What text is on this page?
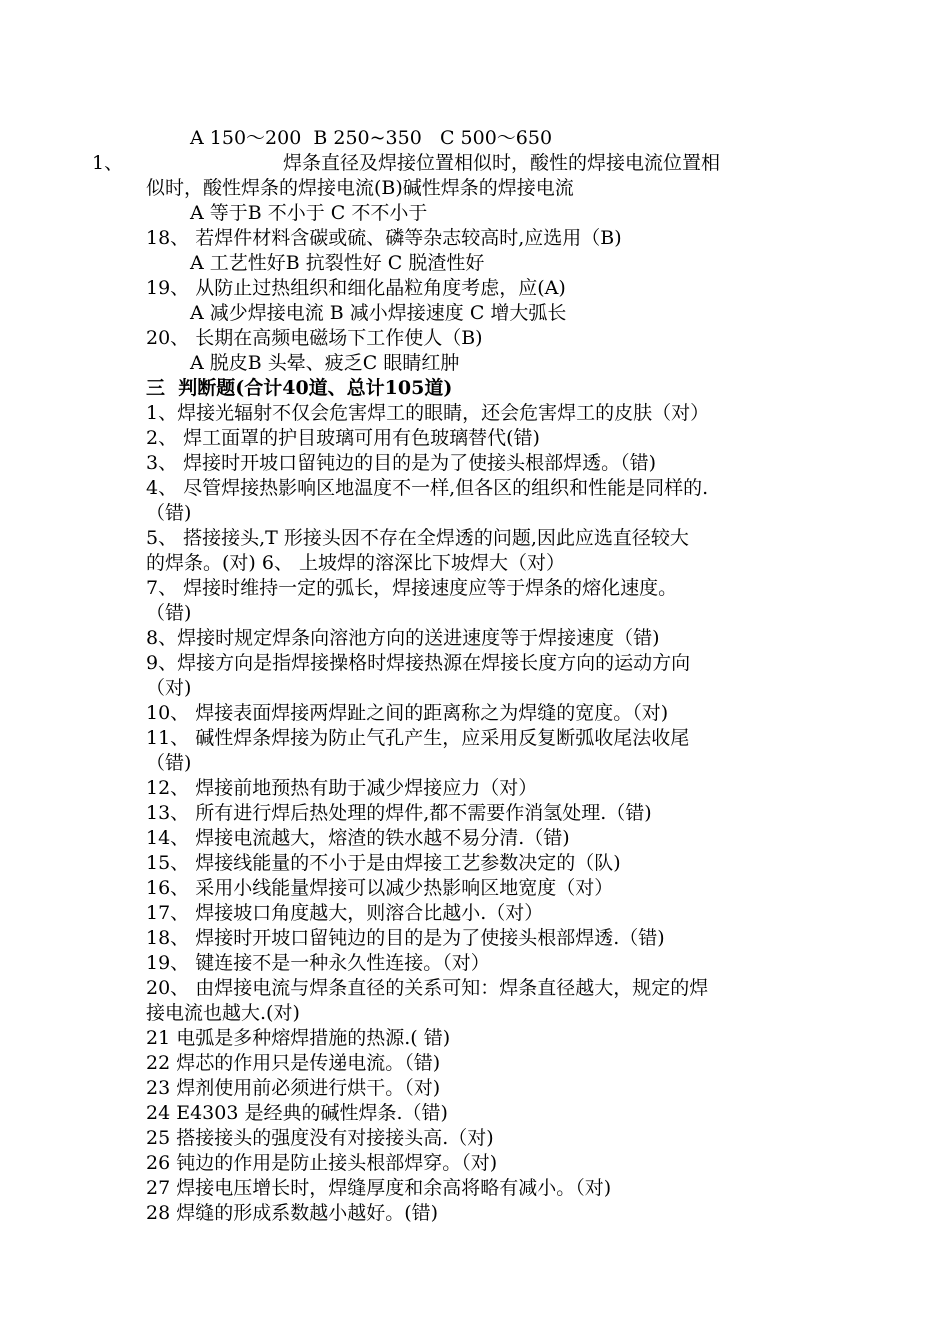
A 150～200  B 250~350   C 500～650
1、	焊条直径及焊接位置相似时，酸性的焊接电流位置相
似时，酸性焊条的焊接电流(B)碱性焊条的焊接电流
A 等于B 不小于 C 不不小于
18、 若焊件材料含碳或硫、磷等杂志较高时,应选用（B)
A 工艺性好B 抗裂性好 C 脱渣性好
19、 从防止过热组织和细化晶粒角度考虑，应(A)
A 减少焊接电流 B 减小焊接速度 C 增大弧长
20、 长期在高频电磁场下工作使人（B)
A 脱皮B 头晕、疲乏C 眼睛红肿
三  判断题(合计40道、总计105道)
1、焊接光辐射不仅会危害焊工的眼睛，还会危害焊工的皮肤（对）
2、 焊工面罩的护目玻璃可用有色玻璃替代(错)
3、 焊接时开坡口留钝边的目的是为了使接头根部焊透。（错)
4、 尽管焊接热影响区地温度不一样,但各区的组织和性能是同样的.
（错)
5、 搭接接头,T 形接头因不存在全焊透的问题,因此应选直径较大
的焊条。(对) 6、 上坡焊的溶深比下坡焊大（对）
7、 焊接时维持一定的弧长，焊接速度应等于焊条的熔化速度。
（错)
8、焊接时规定焊条向溶池方向的送进速度等于焊接速度（错)
9、焊接方向是指焊接操格时焊接热源在焊接长度方向的运动方向
（对)
10、 焊接表面焊接两焊趾之间的距离称之为焊缝的宽度。（对)
11、 碱性焊条焊接为防止气孔产生，应采用反复断弧收尾法收尾
（错)
12、 焊接前地预热有助于减少焊接应力（对）
13、 所有进行焊后热处理的焊件,都不需要作消氢处理.（错)
14、 焊接电流越大，熔渣的铁水越不易分清.（错)
15、 焊接线能量的不小于是由焊接工艺参数决定的（队)
16、 采用小线能量焊接可以减少热影响区地宽度（对）
17、 焊接坡口角度越大，则溶合比越小.（对）
18、 焊接时开坡口留钝边的目的是为了使接头根部焊透.（错)
19、 键连接不是一种永久性连接。（对）
20、 由焊接电流与焊条直径的关系可知：焊条直径越大，规定的焊
接电流也越大.(对)
21 电弧是多种熔焊措施的热源.( 错)
22 焊芯的作用只是传递电流。（错)
23 焊剂使用前必须进行烘干。（对)
24 E4303 是经典的碱性焊条.（错)
25 搭接接头的强度没有对接接头高.（对)
26 钝边的作用是防止接头根部焊穿。（对)
27 焊接电压增长时，焊缝厚度和余高将略有减小。（对)
28 焊缝的形成系数越小越好。(错)
